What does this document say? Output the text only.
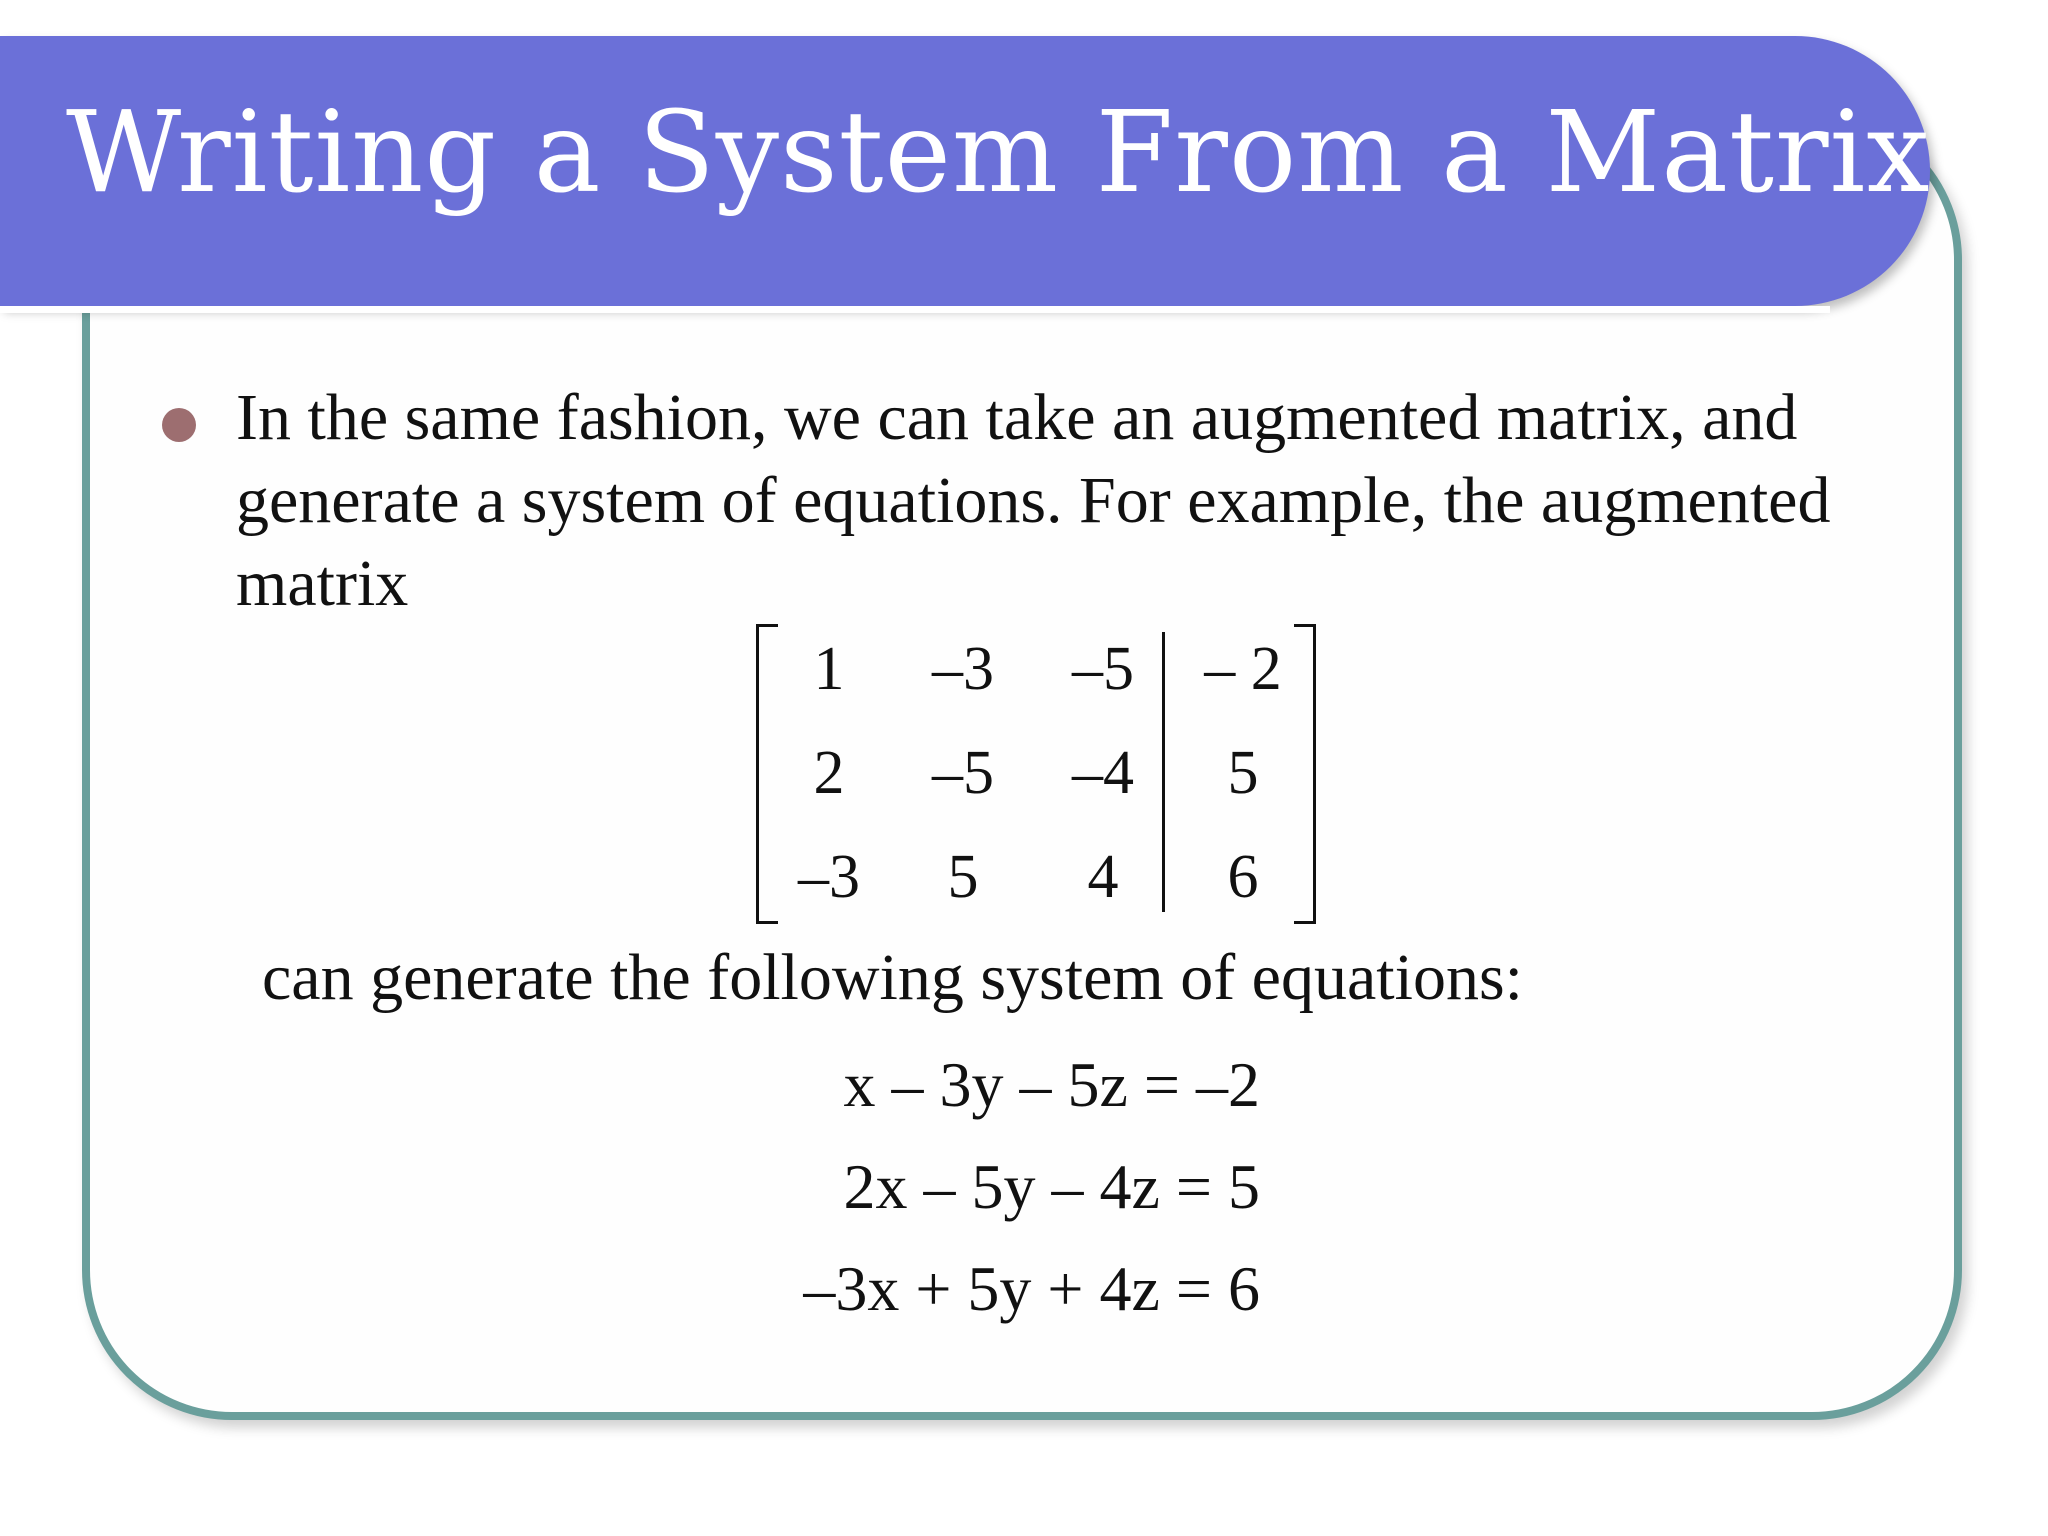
Writing a System From a Matrix

In the same fashion, we can take an augmented matrix, and generate a system of equations. For example, the augmented matrix

1	–3	–5	– 2
2	–5	–4	5
–3	5	4	6

can generate the following system of equations:

x – 3y – 5z = –2
2x – 5y – 4z = 5
–3x + 5y + 4z = 6
